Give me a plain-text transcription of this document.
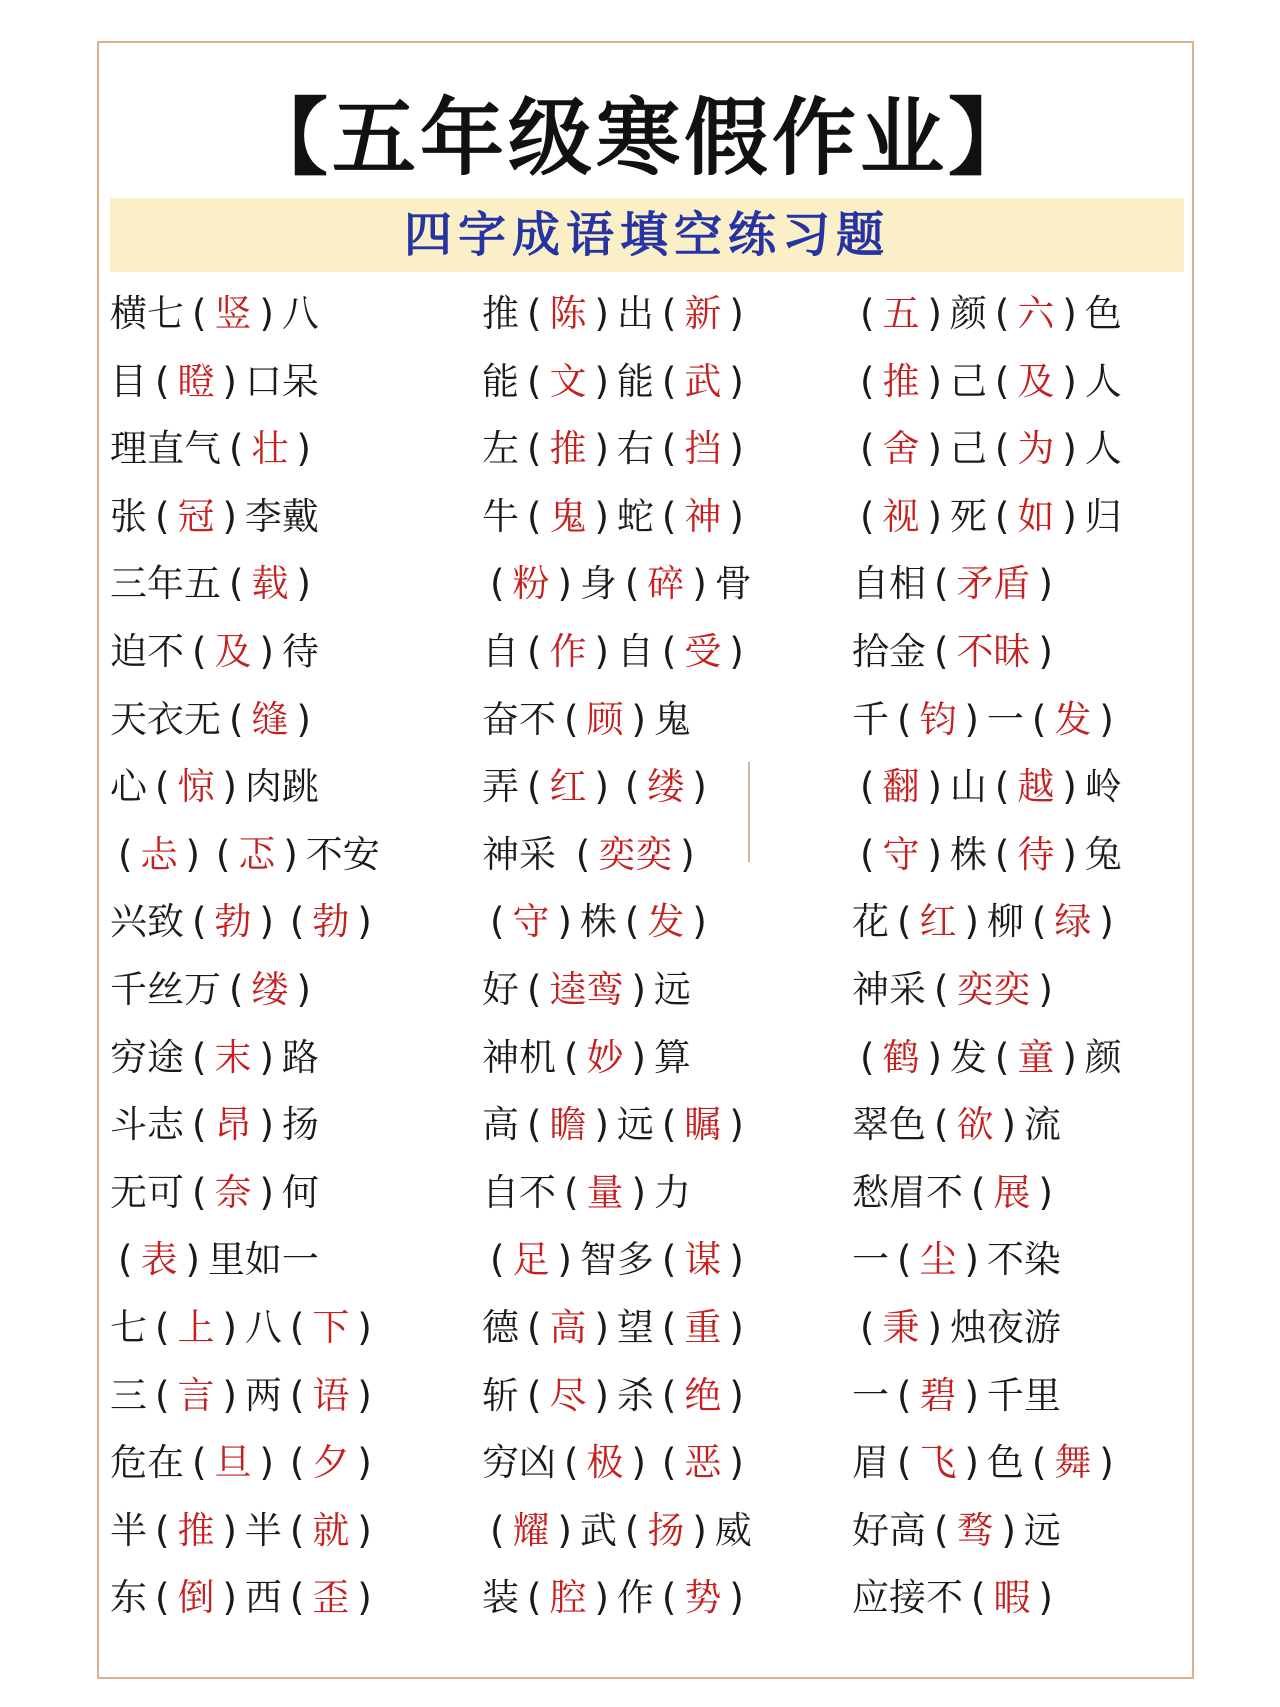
【五年级寒假作业】
四字成语填空练习题
横七 ( 竖 ) 八
目 ( 瞪 ) 口呆
理直气 ( 壮 )
张 ( 冠 ) 李戴
三年五 ( 载 )
迫不 ( 及 ) 待
天衣无 ( 缝 )
心 ( 惊 ) 肉跳
( 忐 ) ( 忑 ) 不安
兴致 ( 勃 ) ( 勃 )
千丝万 ( 缕 )
穷途 ( 末 ) 路
斗志 ( 昂 ) 扬
无可 ( 奈 ) 何
( 表 ) 里如一
七 ( 上 ) 八 ( 下 )
三 ( 言 ) 两 ( 语 )
危在 ( 旦 ) ( 夕 )
半 ( 推 ) 半 ( 就 )
东 ( 倒 ) 西 ( 歪 )
推 ( 陈 ) 出 ( 新 )
能 ( 文 ) 能 ( 武 )
左 ( 推 ) 右 ( 挡 )
牛 ( 鬼 ) 蛇 ( 神 )
( 粉 ) 身 ( 碎 ) 骨
自 ( 作 ) 自 ( 受 )
奋不 ( 顾 ) 鬼
弄 ( 红 ) ( 缕 )
神采 ( 奕奕 )
( 守 ) 株 ( 发 )
好 ( 逵鸾 ) 远
神机 ( 妙 ) 算
高 ( 瞻 ) 远 ( 瞩 )
自不 ( 量 ) 力
( 足 ) 智多 ( 谋 )
德 ( 高 ) 望 ( 重 )
斩 ( 尽 ) 杀 ( 绝 )
穷凶 ( 极 ) ( 恶 )
( 耀 ) 武 ( 扬 ) 威
装 ( 腔 ) 作 ( 势 )
( 五 ) 颜 ( 六 ) 色
( 推 ) 己 ( 及 ) 人
( 舍 ) 己 ( 为 ) 人
( 视 ) 死 ( 如 ) 归
自相 ( 矛盾 )
拾金 ( 不昧 )
千 ( 钧 ) 一 ( 发 )
( 翻 ) 山 ( 越 ) 岭
( 守 ) 株 ( 待 ) 兔
花 ( 红 ) 柳 ( 绿 )
神采 ( 奕奕 )
( 鹤 ) 发 ( 童 ) 颜
翠色 ( 欲 ) 流
愁眉不 ( 展 )
一 ( 尘 ) 不染
( 秉 ) 烛夜游
一 ( 碧 ) 千里
眉 ( 飞 ) 色 ( 舞 )
好高 ( 骛 ) 远
应接不 ( 暇 )
